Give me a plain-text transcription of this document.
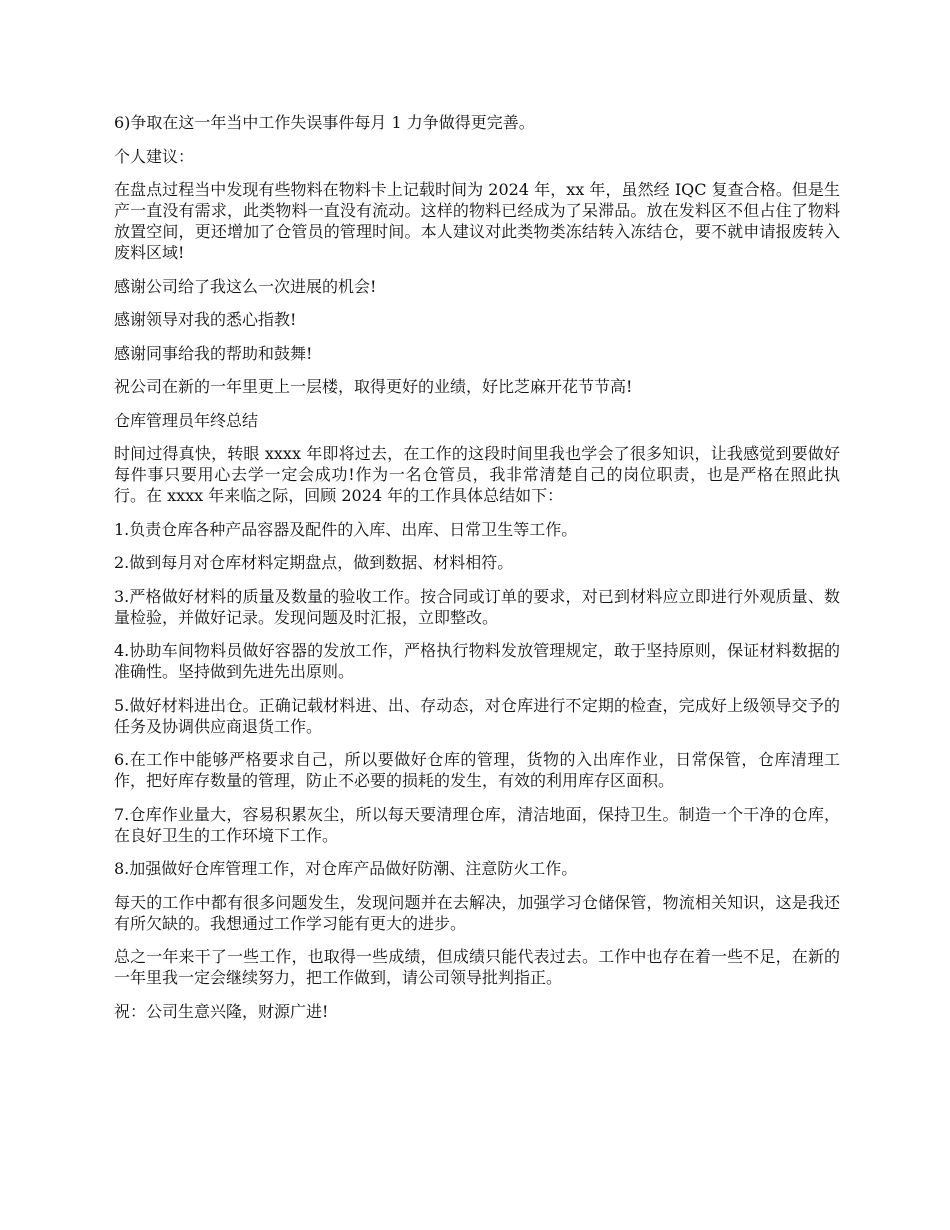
6)争取在这一年当中工作失误事件每月 1 力争做得更完善。

个人建议：

在盘点过程当中发现有些物料在物料卡上记载时间为 2024 年，xx 年，虽然经 IQC 复查合格。但是生产一直没有需求，此类物料一直没有流动。这样的物料已经成为了呆滞品。放在发料区不但占住了物料放置空间，更还增加了仓管员的管理时间。本人建议对此类物类冻结转入冻结仓，要不就申请报废转入废料区域!

感谢公司给了我这么一次进展的机会!

感谢领导对我的悉心指教!

感谢同事给我的帮助和鼓舞!

祝公司在新的一年里更上一层楼，取得更好的业绩，好比芝麻开花节节高!

仓库管理员年终总结

时间过得真快，转眼 xxxx 年即将过去，在工作的这段时间里我也学会了很多知识，让我感觉到要做好每件事只要用心去学一定会成功!作为一名仓管员，我非常清楚自己的岗位职责，也是严格在照此执行。在 xxxx 年来临之际，回顾 2024 年的工作具体总结如下：

1.负责仓库各种产品容器及配件的入库、出库、日常卫生等工作。

2.做到每月对仓库材料定期盘点，做到数据、材料相符。

3.严格做好材料的质量及数量的验收工作。按合同或订单的要求，对已到材料应立即进行外观质量、数量检验，并做好记录。发现问题及时汇报，立即整改。

4.协助车间物料员做好容器的发放工作，严格执行物料发放管理规定，敢于坚持原则，保证材料数据的准确性。坚持做到先进先出原则。

5.做好材料进出仓。正确记载材料进、出、存动态，对仓库进行不定期的检查，完成好上级领导交予的任务及协调供应商退货工作。

6.在工作中能够严格要求自己，所以要做好仓库的管理，货物的入出库作业，日常保管，仓库清理工作，把好库存数量的管理，防止不必要的损耗的发生，有效的利用库存区面积。

7.仓库作业量大，容易积累灰尘，所以每天要清理仓库，清洁地面，保持卫生。制造一个干净的仓库，在良好卫生的工作环境下工作。

8.加强做好仓库管理工作，对仓库产品做好防潮、注意防火工作。

每天的工作中都有很多问题发生，发现问题并在去解决，加强学习仓储保管，物流相关知识，这是我还有所欠缺的。我想通过工作学习能有更大的进步。

总之一年来干了一些工作，也取得一些成绩，但成绩只能代表过去。工作中也存在着一些不足，在新的一年里我一定会继续努力，把工作做到，请公司领导批判指正。

祝：公司生意兴隆，财源广进!
